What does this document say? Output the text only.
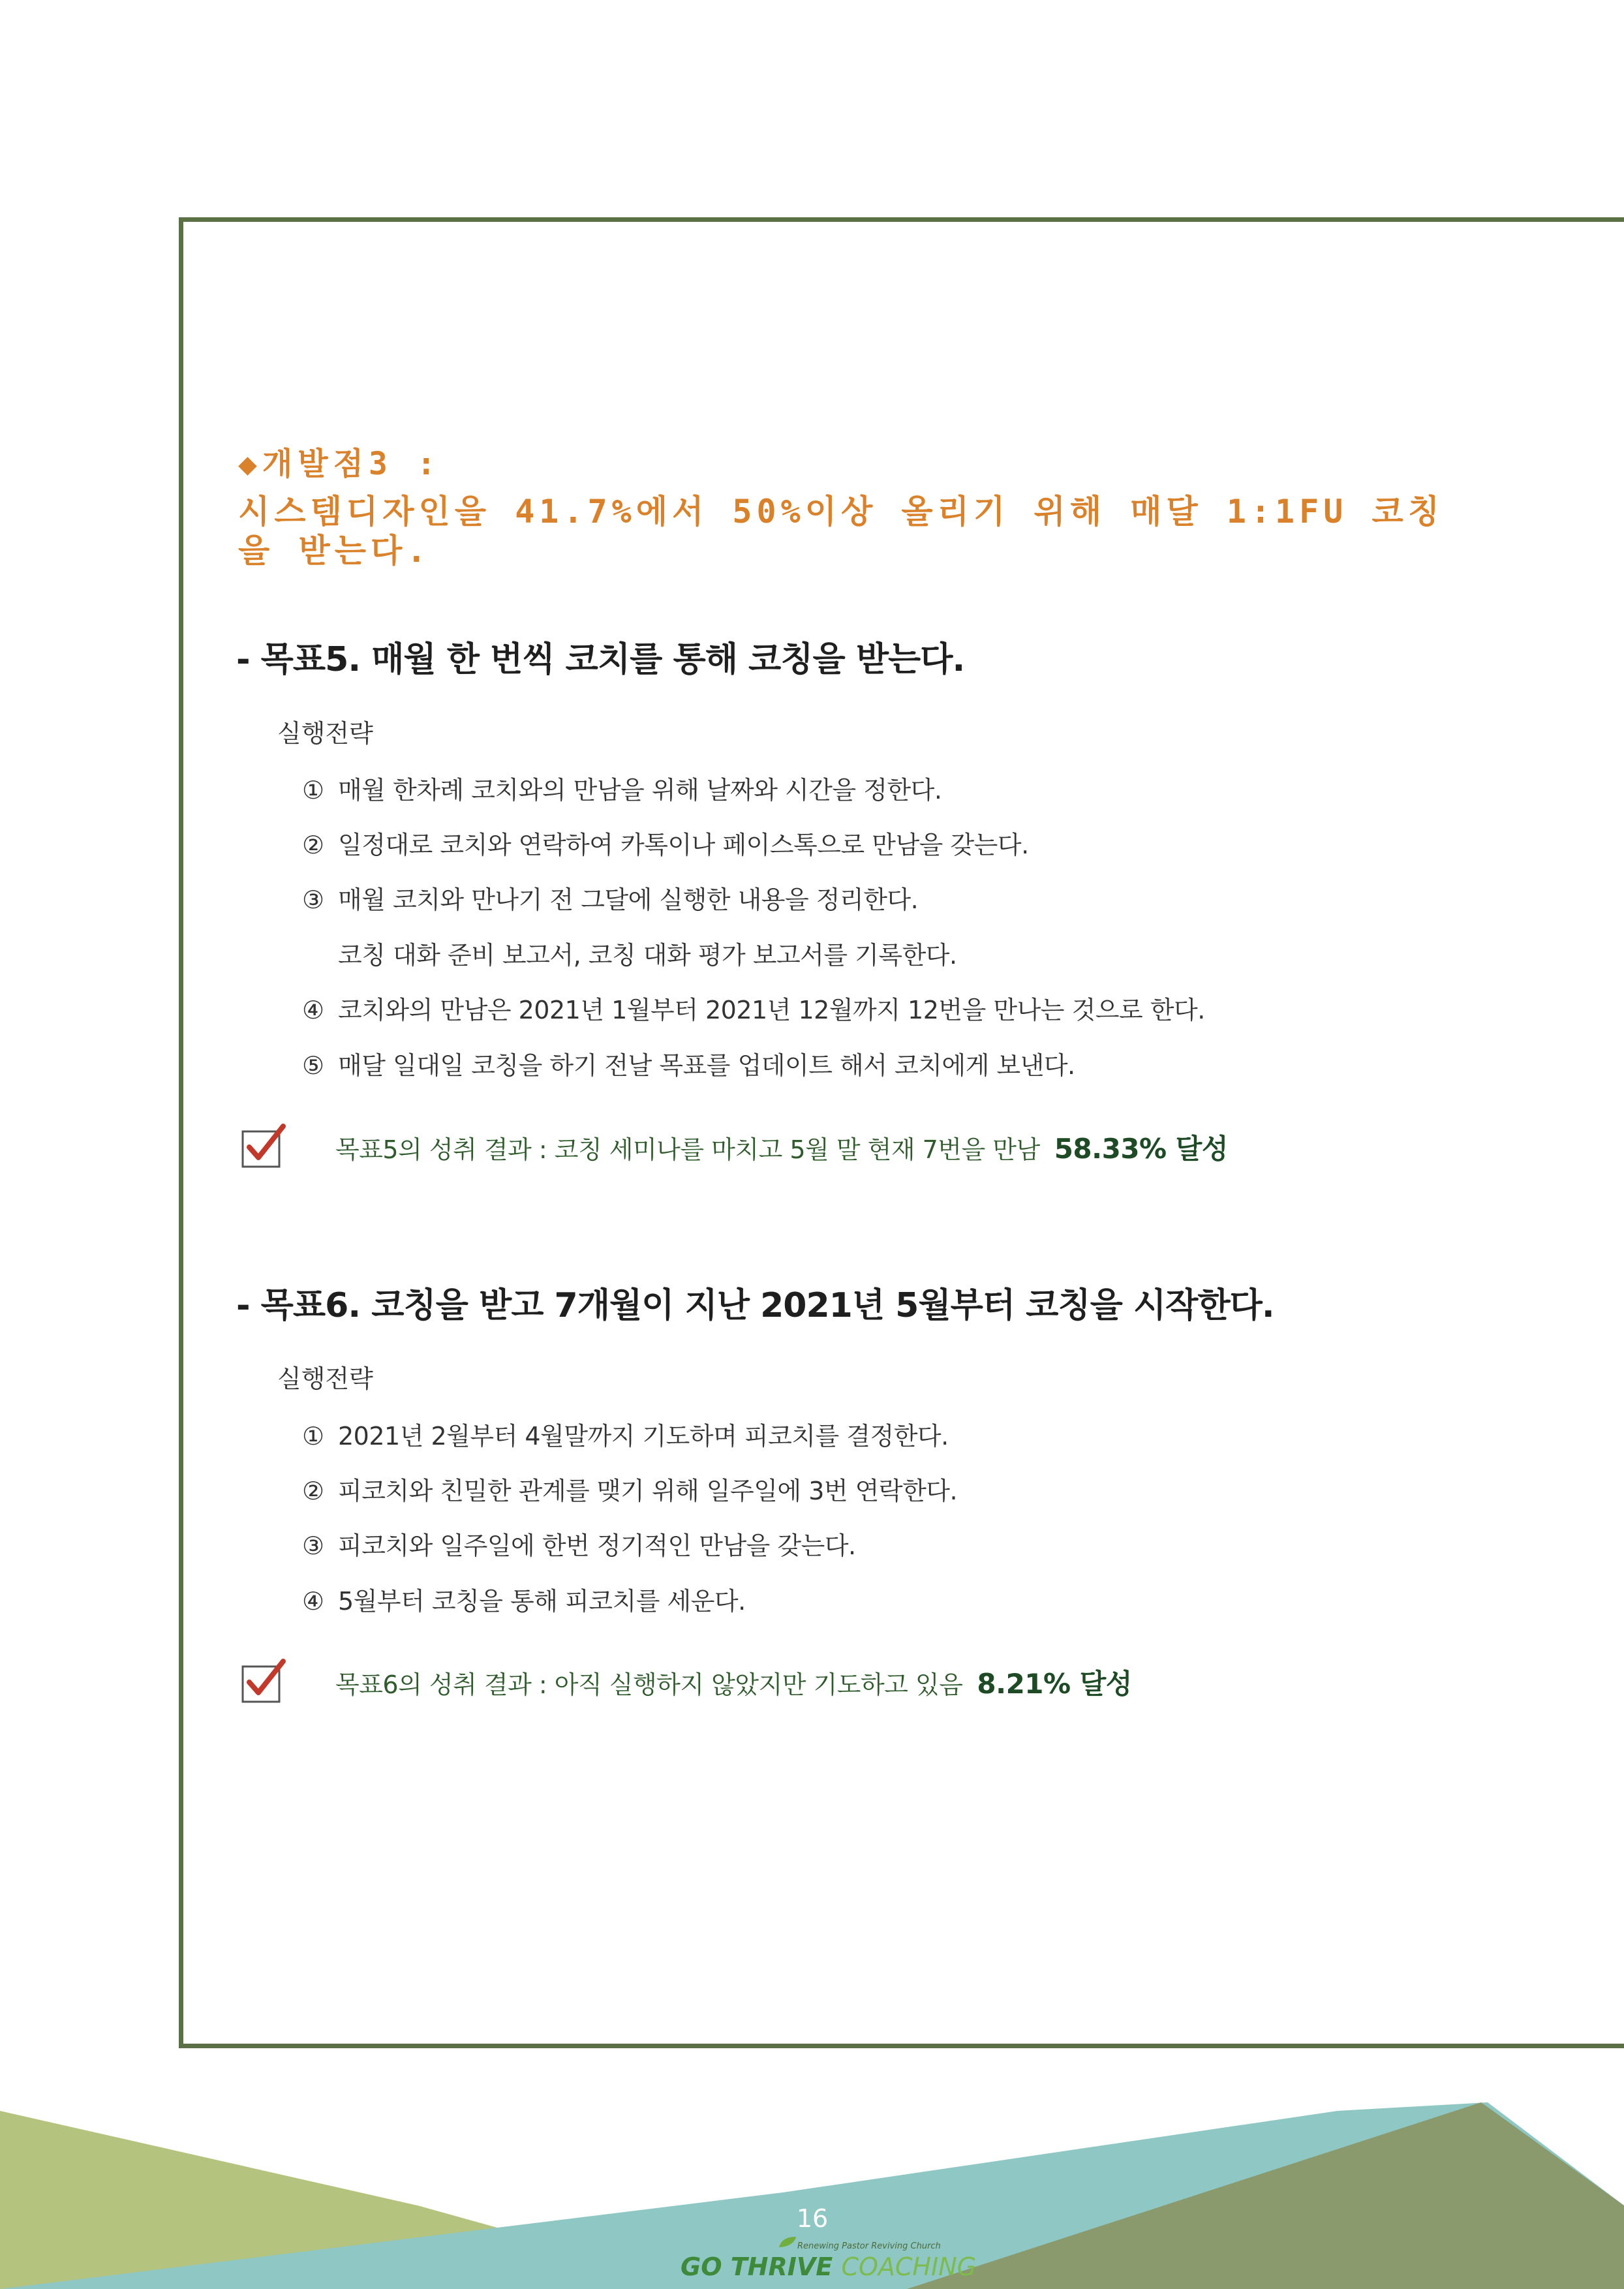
◆개발점3 :
시스템디자인을 41.7%에서 50%이상 올리기 위해 매달 1:1FU 코칭을 받는다.
- 목표5. 매월 한 번씩 코치를 통해 코칭을 받는다.
실행전략
① 매월 한차례 코치와의 만남을 위해 날짜와 시간을 정한다.
② 일정대로 코치와 연락하여 카톡이나 페이스톡으로 만남을 갖는다.
③ 매월 코치와 만나기 전 그달에 실행한 내용을 정리한다.
코칭 대화 준비 보고서, 코칭 대화 평가 보고서를 기록한다.
④ 코치와의 만남은 2021년 1월부터 2021년 12월까지 12번을 만나는 것으로 한다.
⑤ 매달 일대일 코칭을 하기 전날 목표를 업데이트 해서 코치에게 보낸다.
목표5의 성취 결과 : 코칭 세미나를 마치고 5월 말 현재 7번을 만남 58.33% 달성
- 목표6. 코칭을 받고 7개월이 지난 2021년 5월부터 코칭을 시작한다.
실행전략
① 2021년 2월부터 4월말까지 기도하며 피코치를 결정한다.
② 피코치와 친밀한 관계를 맺기 위해 일주일에 3번 연락한다.
③ 피코치와 일주일에 한번 정기적인 만남을 갖는다.
④ 5월부터 코칭을 통해 피코치를 세운다.
목표6의 성취 결과 : 아직 실행하지 않았지만 기도하고 있음 8.21% 달성
16
Renewing Pastor Reviving Church
GO THRIVE COACHING
